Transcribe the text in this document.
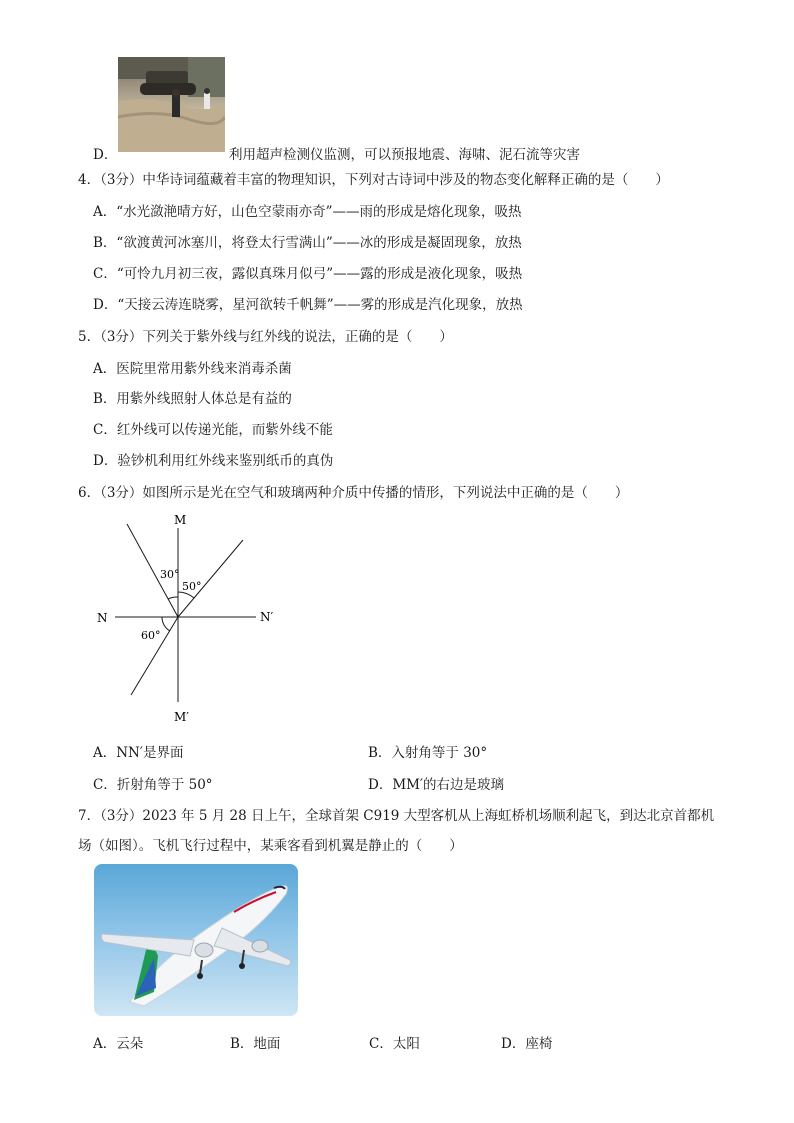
D．	利用超声检测仪监测，可以预报地震、海啸、泥石流等灾害
4．（3分）中华诗词蕴藏着丰富的物理知识，下列对古诗词中涉及的物态变化解释正确的是（　　）
A．“水光潋滟晴方好，山色空蒙雨亦奇”——雨的形成是熔化现象，吸热
B．“欲渡黄河冰塞川，将登太行雪满山”——冰的形成是凝固现象，放热
C．“可怜九月初三夜，露似真珠月似弓”——露的形成是液化现象，吸热
D．“天接云涛连晓雾，星河欲转千帆舞”——雾的形成是汽化现象，放热
5．（3分）下列关于紫外线与红外线的说法，正确的是（　　）
A．医院里常用紫外线来消毒杀菌
B．用紫外线照射人体总是有益的
C．红外线可以传递光能，而紫外线不能
D．验钞机利用红外线来鉴别纸币的真伪
6．（3分）如图所示是光在空气和玻璃两种介质中传播的情形，下列说法中正确的是（　　）
M
M′
N	N′
30°
50°
60°
A．NN′是界面	B．入射角等于 30°
C．折射角等于 50°	D．MM′的右边是玻璃
7．（3分）2023 年 5 月 28 日上午，全球首架 C919 大型客机从上海虹桥机场顺利起飞，到达北京首都机
场（如图）。飞机飞行过程中，某乘客看到机翼是静止的（　　）
A．云朵	B．地面	C．太阳	D．座椅
